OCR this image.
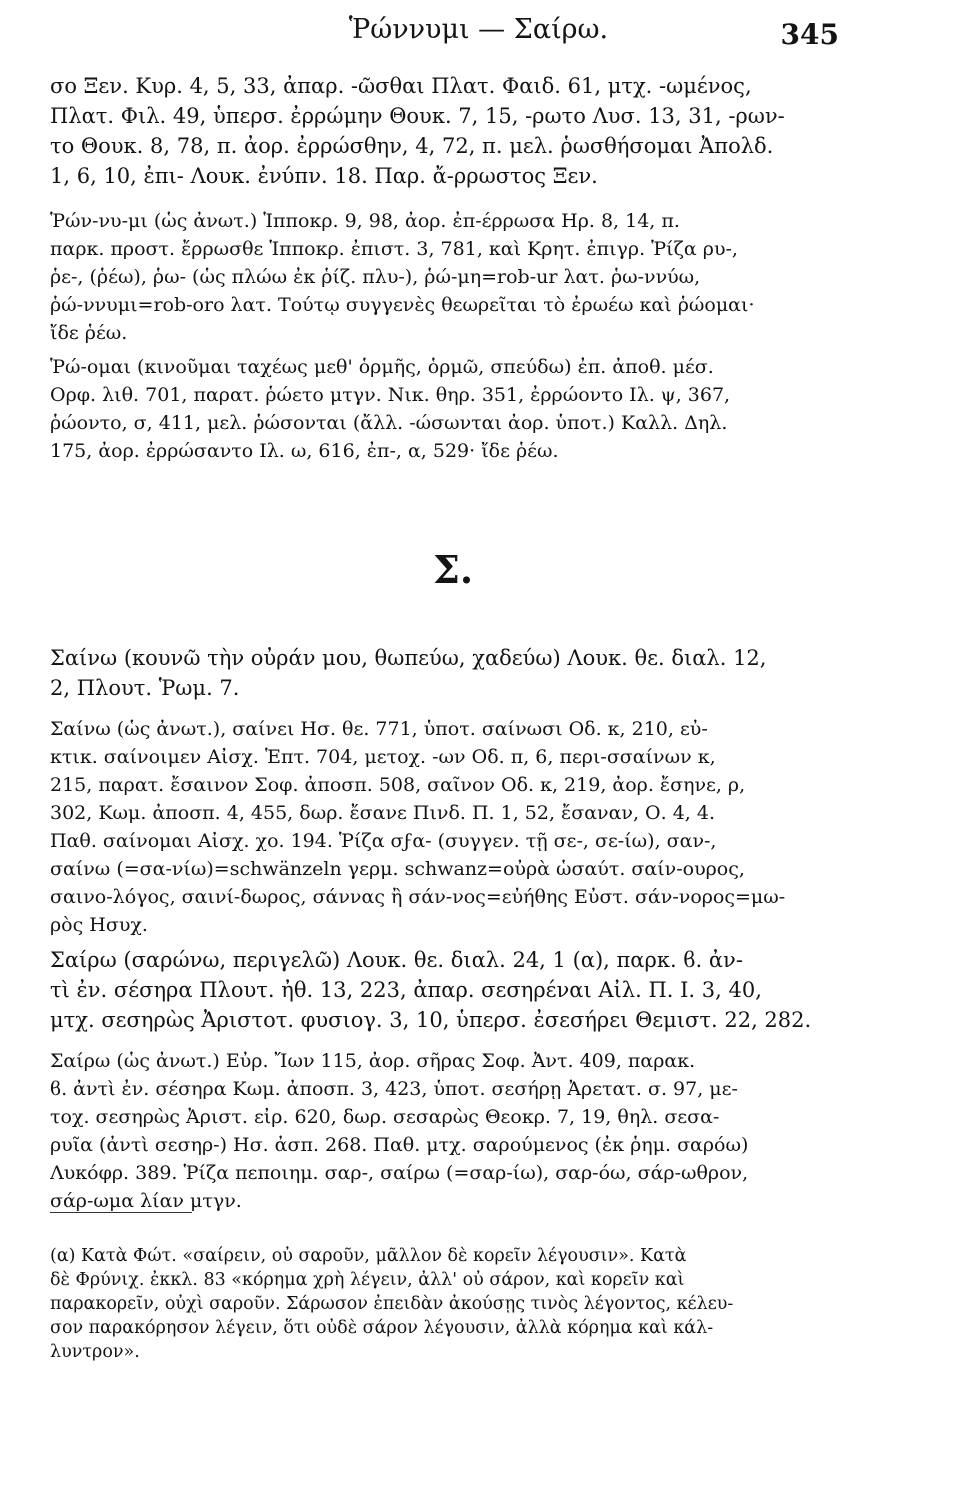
Ῥώννυμι — Σαίρω.	345
σο Ξεν. Κυρ. 4, 5, 33, ἀπαρ. -ῶσθαι Πλατ. Φαιδ. 61, μτχ. -ωμένος,
Πλατ. Φιλ. 49, ὑπερσ. ἐρρώμην Θουκ. 7, 15, -ρωτο Λυσ. 13, 31, -ρων-
το Θουκ. 8, 78, π. ἀορ. ἐρρώσθην, 4, 72, π. μελ. ῥωσθήσομαι Ἀπολδ.
1, 6, 10, ἐπι- Λουκ. ἐνύπν. 18. Παρ. ἄ-ρρωστος Ξεν.
Ῥών-νυ-μι (ὡς ἀνωτ.) Ἱπποκρ. 9, 98, ἀορ. ἐπ-έρρωσα Ηρ. 8, 14, π.
παρκ. προστ. ἔρρωσθε Ἱπποκρ. ἐπιστ. 3, 781, καὶ Κρητ. ἐπιγρ. Ῥίζα ρυ-,
ῥε-, (ῥέω), ῥω- (ὡς πλώω ἐκ ῥίζ. πλυ-), ῥώ-μη=rob-ur λατ. ῥω-ννύω,
ῥώ-ννυμι=rob-oro λατ. Τούτῳ συγγενὲς θεωρεῖται τὸ ἐρωέω καὶ ῥώομαι·
ἴδε ῥέω.
Ῥώ-ομαι (κινοῦμαι ταχέως μεθ' ὁρμῆς, ὁρμῶ, σπεύδω) ἐπ. ἀποθ. μέσ.
Ορφ. λιθ. 701, παρατ. ῥώετο μτγν. Νικ. θηρ. 351, ἐρρώοντο Ιλ. ψ, 367,
ῥώοντο, σ, 411, μελ. ῥώσονται (ἄλλ. -ώσωνται ἀορ. ὑποτ.) Καλλ. Δηλ.
175, ἀορ. ἐρρώσαντο Ιλ. ω, 616, ἐπ-, α, 529· ἴδε ῥέω.
Σ.
Σαίνω (κουνῶ τὴν οὐράν μου, θωπεύω, χαδεύω) Λουκ. θε. διαλ. 12,
2, Πλουτ. Ῥωμ. 7.
Σαίνω (ὡς ἀνωτ.), σαίνει Ησ. θε. 771, ὑποτ. σαίνωσι Οδ. κ, 210, εὐ-
κτικ. σαίνοιμεν Αἰσχ. Ἑπτ. 704, μετοχ. -ων Οδ. π, 6, περι-σσαίνων κ,
215, παρατ. ἔσαινον Σοφ. ἀποσπ. 508, σαῖνον Οδ. κ, 219, ἀορ. ἔσηνε, ρ,
302, Κωμ. ἀποσπ. 4, 455, δωρ. ἔσανε Πινδ. Π. 1, 52, ἔσαναν, Ο. 4, 4.
Παθ. σαίνομαι Αἰσχ. χο. 194. Ῥίζα σϝα- (συγγεν. τῇ σε-, σε-ίω), σαν-,
σαίνω (=σα-νίω)=schwänzeln γερμ. schwanz=οὐρὰ ὡσαύτ. σαίν-ουρος,
σαινο-λόγος, σαινί-δωρος, σάννας ἢ σάν-νος=εὐήθης Εὐστ. σάν-νορος=μω-
ρὸς Ησυχ.
Σαίρω (σαρώνω, περιγελῶ) Λουκ. θε. διαλ. 24, 1 (α), παρκ. ϐ. ἀν-
τὶ ἐν. σέσηρα Πλουτ. ἠθ. 13, 223, ἀπαρ. σεσηρέναι Αἰλ. Π. Ι. 3, 40,
μτχ. σεσηρὼς Ἀριστοτ. φυσιογ. 3, 10, ὑπερσ. ἐσεσήρει Θεμιστ. 22, 282.
Σαίρω (ὡς ἀνωτ.) Εὐρ. Ἴων 115, ἀορ. σῆρας Σοφ. Ἀντ. 409, παρακ.
ϐ. ἀντὶ ἐν. σέσηρα Κωμ. ἀποσπ. 3, 423, ὑποτ. σεσήρῃ Ἀρετατ. σ. 97, με-
τοχ. σεσηρὼς Ἀριστ. εἰρ. 620, δωρ. σεσαρὼς Θεοκρ. 7, 19, θηλ. σεσα-
ρυῖα (ἀντὶ σεσηρ-) Ησ. ἀσπ. 268. Παθ. μτχ. σαρούμενος (ἐκ ῥημ. σαρόω)
Λυκόφρ. 389. Ῥίζα πεποιημ. σαρ-, σαίρω (=σαρ-ίω), σαρ-όω, σάρ-ωθρον,
σάρ-ωμα λίαν μτγν.
(α) Κατὰ Φώτ. «σαίρειν, οὐ σαροῦν, μᾶλλον δὲ κορεῖν λέγουσιν». Κατὰ
δὲ Φρύνιχ. ἐκκλ. 83 «κόρημα χρὴ λέγειν, ἀλλ' οὐ σάρον, καὶ κορεῖν καὶ
παρακορεῖν, οὐχὶ σαροῦν. Σάρωσον ἐπειδὰν ἀκούσῃς τινὸς λέγοντος, κέλευ-
σον παρακόρησον λέγειν, ὅτι οὐδὲ σάρον λέγουσιν, ἀλλὰ κόρημα καὶ κάλ-
λυντρον».
